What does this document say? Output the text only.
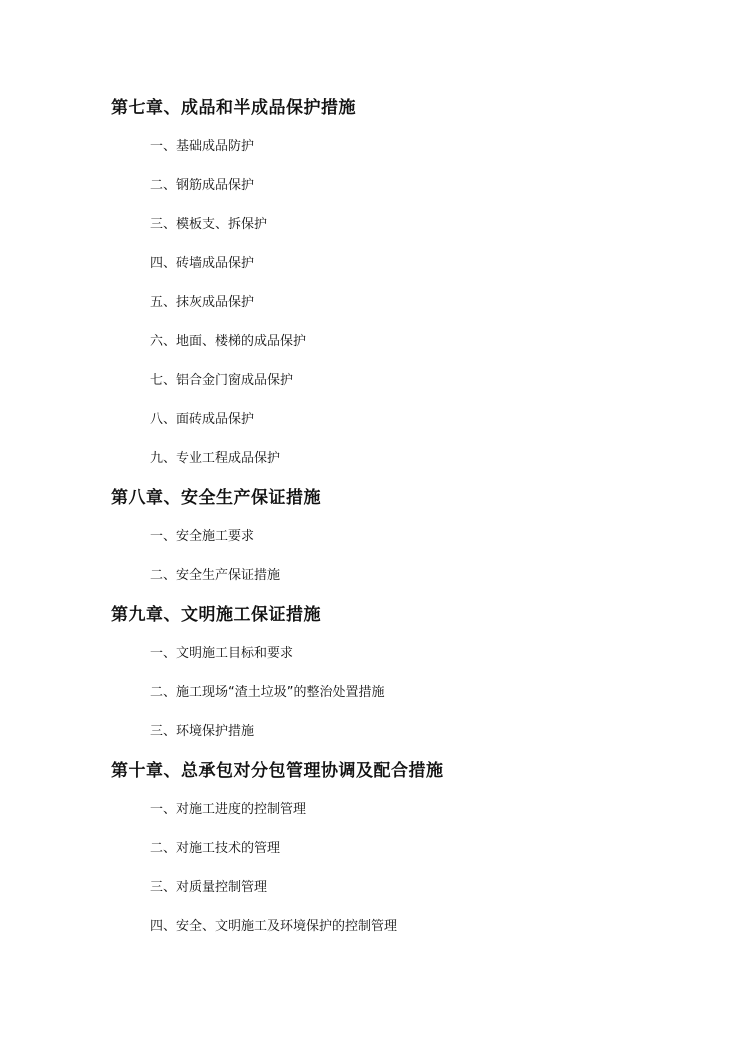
第七章、成品和半成品保护措施
一、基础成品防护
二、钢筋成品保护
三、模板支、拆保护
四、砖墙成品保护
五、抹灰成品保护
六、地面、楼梯的成品保护
七、铝合金门窗成品保护
八、面砖成品保护
九、专业工程成品保护
第八章、安全生产保证措施
一、安全施工要求
二、安全生产保证措施
第九章、文明施工保证措施
一、文明施工目标和要求
二、施工现场“渣土垃圾”的整治处置措施
三、环境保护措施
第十章、总承包对分包管理协调及配合措施
一、对施工进度的控制管理
二、对施工技术的管理
三、对质量控制管理
四、安全、文明施工及环境保护的控制管理
